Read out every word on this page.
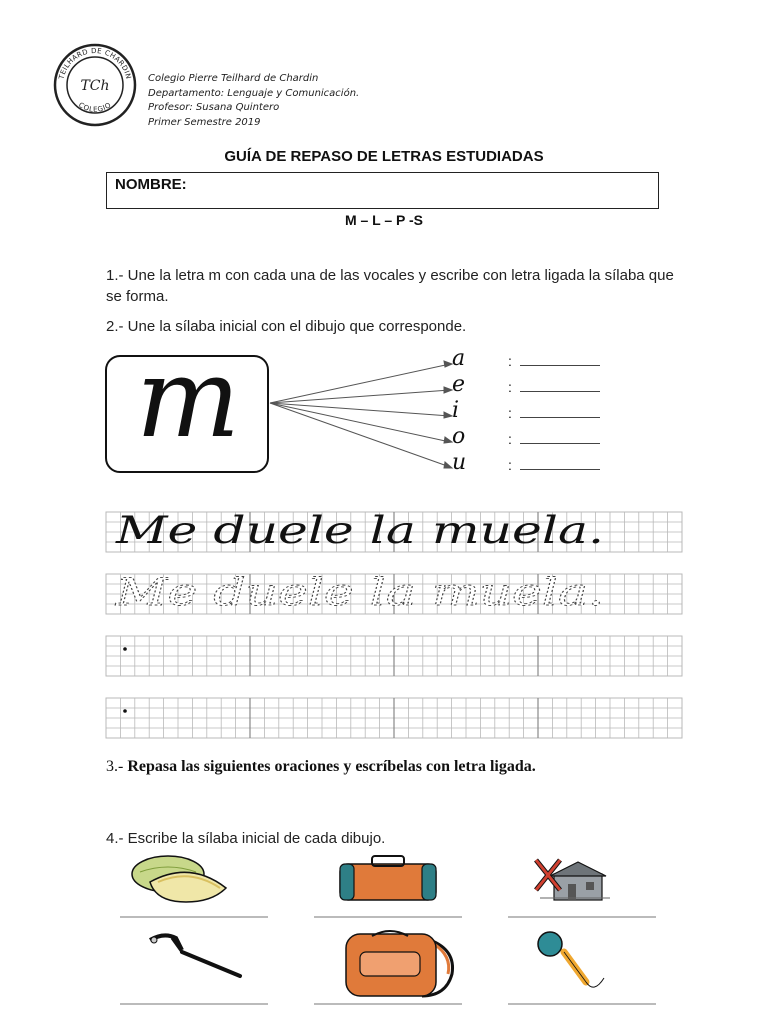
TEILHARD DE CHARDIN
COLEGIO
TCh	Colegio Pierre Teilhard de Chardin
Departamento: Lenguaje y Comunicación.
Profesor: Susana Quintero
Primer Semestre 2019
GUÍA DE REPASO DE LETRAS ESTUDIADAS
NOMBRE:
M – L – P -S
1.- Une la letra m con cada una de las vocales y escribe con letra ligada la sílaba que se forma.
2.- Une la sílaba inicial con el dibujo que corresponde.
m	a	:
e	:
i	:
o	:
u	:
Me duele la muela.
Me duele la muela.
3.- Repasa las siguientes oraciones y escríbelas con letra ligada.
4.- Escribe la sílaba inicial de cada dibujo.
